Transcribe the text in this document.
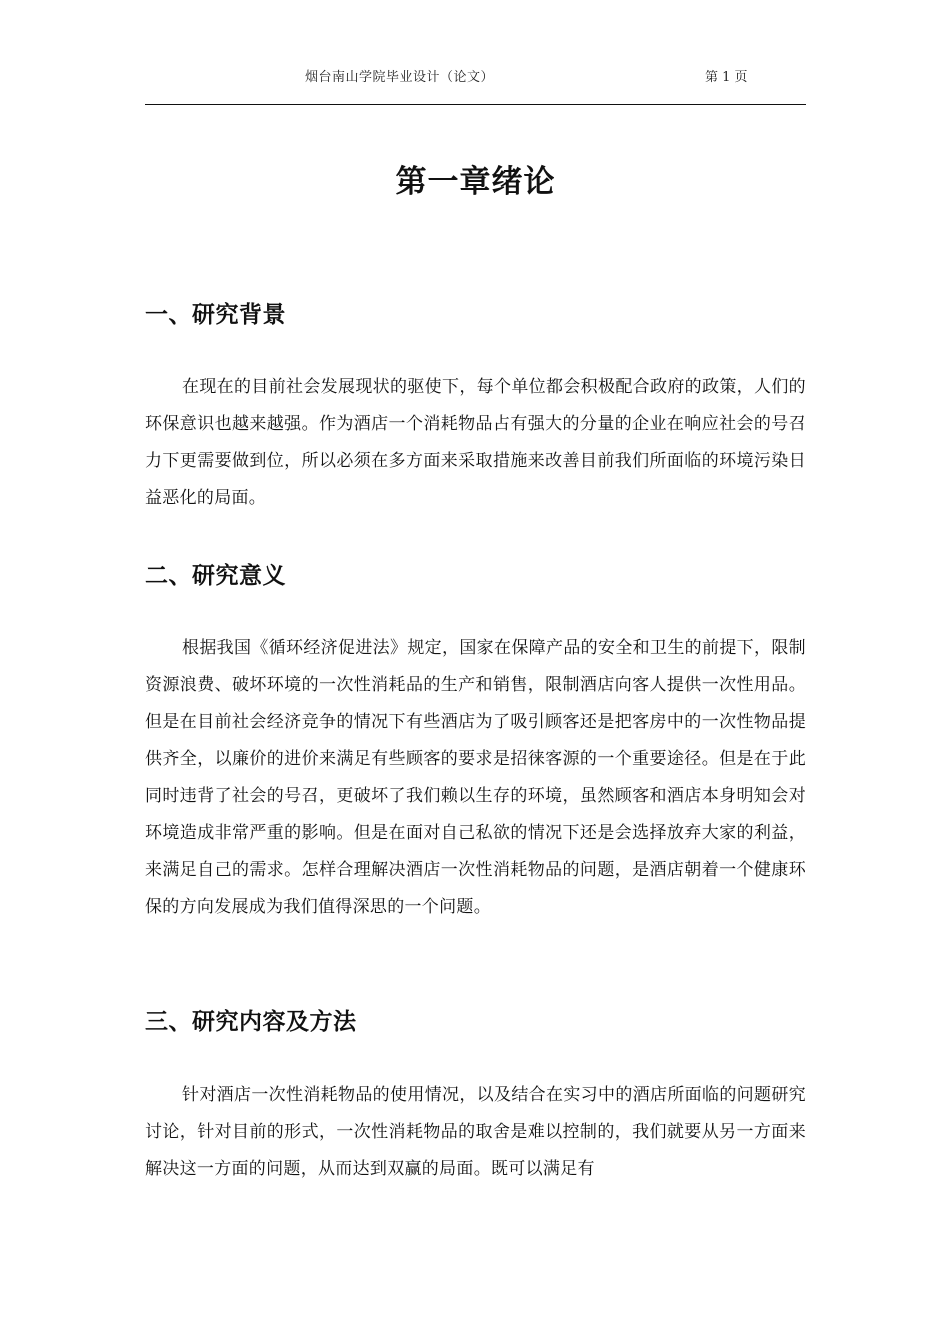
烟台南山学院毕业设计（论文）	第 1 页
第一章绪论
一、研究背景
在现在的目前社会发展现状的驱使下，每个单位都会积极配合政府的政策，人们的环保意识也越来越强。作为酒店一个消耗物品占有强大的分量的企业在响应社会的号召力下更需要做到位，所以必须在多方面来采取措施来改善目前我们所面临的环境污染日益恶化的局面。
二、研究意义
根据我国《循环经济促进法》规定，国家在保障产品的安全和卫生的前提下，限制资源浪费、破坏环境的一次性消耗品的生产和销售，限制酒店向客人提供一次性用品。但是在目前社会经济竞争的情况下有些酒店为了吸引顾客还是把客房中的一次性物品提供齐全，以廉价的进价来满足有些顾客的要求是招徕客源的一个重要途径。但是在于此同时违背了社会的号召，更破坏了我们赖以生存的环境，虽然顾客和酒店本身明知会对环境造成非常严重的影响。但是在面对自己私欲的情况下还是会选择放弃大家的利益，来满足自己的需求。怎样合理解决酒店一次性消耗物品的问题，是酒店朝着一个健康环保的方向发展成为我们值得深思的一个问题。
三、研究内容及方法
针对酒店一次性消耗物品的使用情况，以及结合在实习中的酒店所面临的问题研究讨论，针对目前的形式，一次性消耗物品的取舍是难以控制的，我们就要从另一方面来解决这一方面的问题，从而达到双赢的局面。既可以满足有
